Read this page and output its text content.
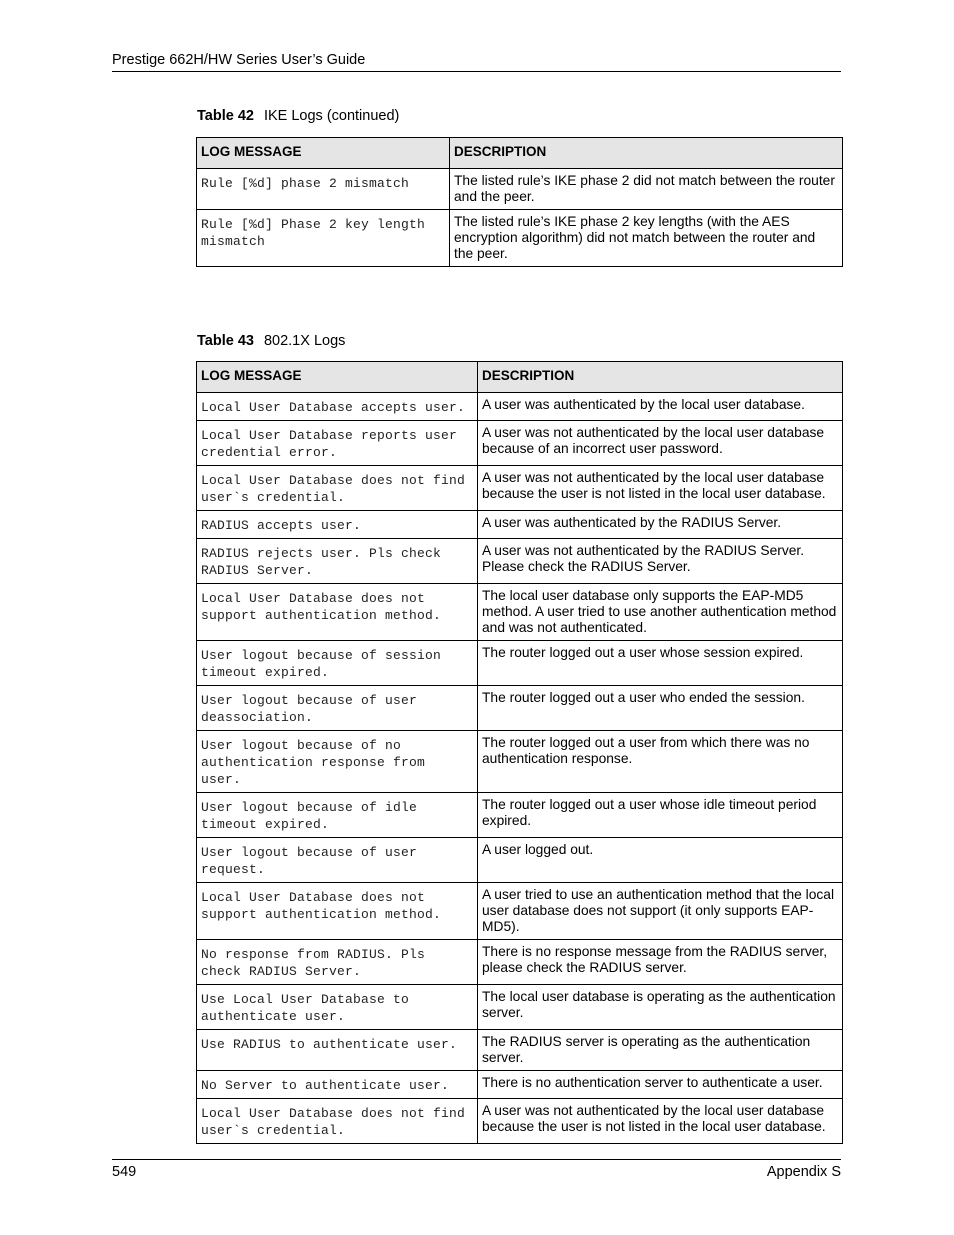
Prestige 662H/HW Series User’s Guide
Table 42 IKE Logs (continued)
LOG MESSAGE	DESCRIPTION
Rule [%d] phase 2 mismatch	The listed rule’s IKE phase 2 did not match between the router and the peer.
Rule [%d] Phase 2 key length mismatch	The listed rule’s IKE phase 2 key lengths (with the AES encryption algorithm) did not match between the router and the peer.
Table 43 802.1X Logs
LOG MESSAGE	DESCRIPTION
Local User Database accepts user.	A user was authenticated by the local user database.
Local User Database reports user credential error.	A user was not authenticated by the local user database because of an incorrect user password.
Local User Database does not find user`s credential.	A user was not authenticated by the local user database because the user is not listed in the local user database.
RADIUS accepts user.	A user was authenticated by the RADIUS Server.
RADIUS rejects user. Pls check RADIUS Server.	A user was not authenticated by the RADIUS Server. Please check the RADIUS Server.
Local User Database does not support authentication method.	The local user database only supports the EAP-MD5 method. A user tried to use another authentication method and was not authenticated.
User logout because of session timeout expired.	The router logged out a user whose session expired.
User logout because of user deassociation.	The router logged out a user who ended the session.
User logout because of no authentication response from user.	The router logged out a user from which there was no authentication response.
User logout because of idle timeout expired.	The router logged out a user whose idle timeout period expired.
User logout because of user request.	A user logged out.
Local User Database does not support authentication method.	A user tried to use an authentication method that the local user database does not support (it only supports EAP-MD5).
No response from RADIUS. Pls check RADIUS Server.	There is no response message from the RADIUS server, please check the RADIUS server.
Use Local User Database to authenticate user.	The local user database is operating as the authentication server.
Use RADIUS to authenticate user.	The RADIUS server is operating as the authentication server.
No Server to authenticate user.	There is no authentication server to authenticate a user.
Local User Database does not find user`s credential.	A user was not authenticated by the local user database because the user is not listed in the local user database.
549	Appendix S
